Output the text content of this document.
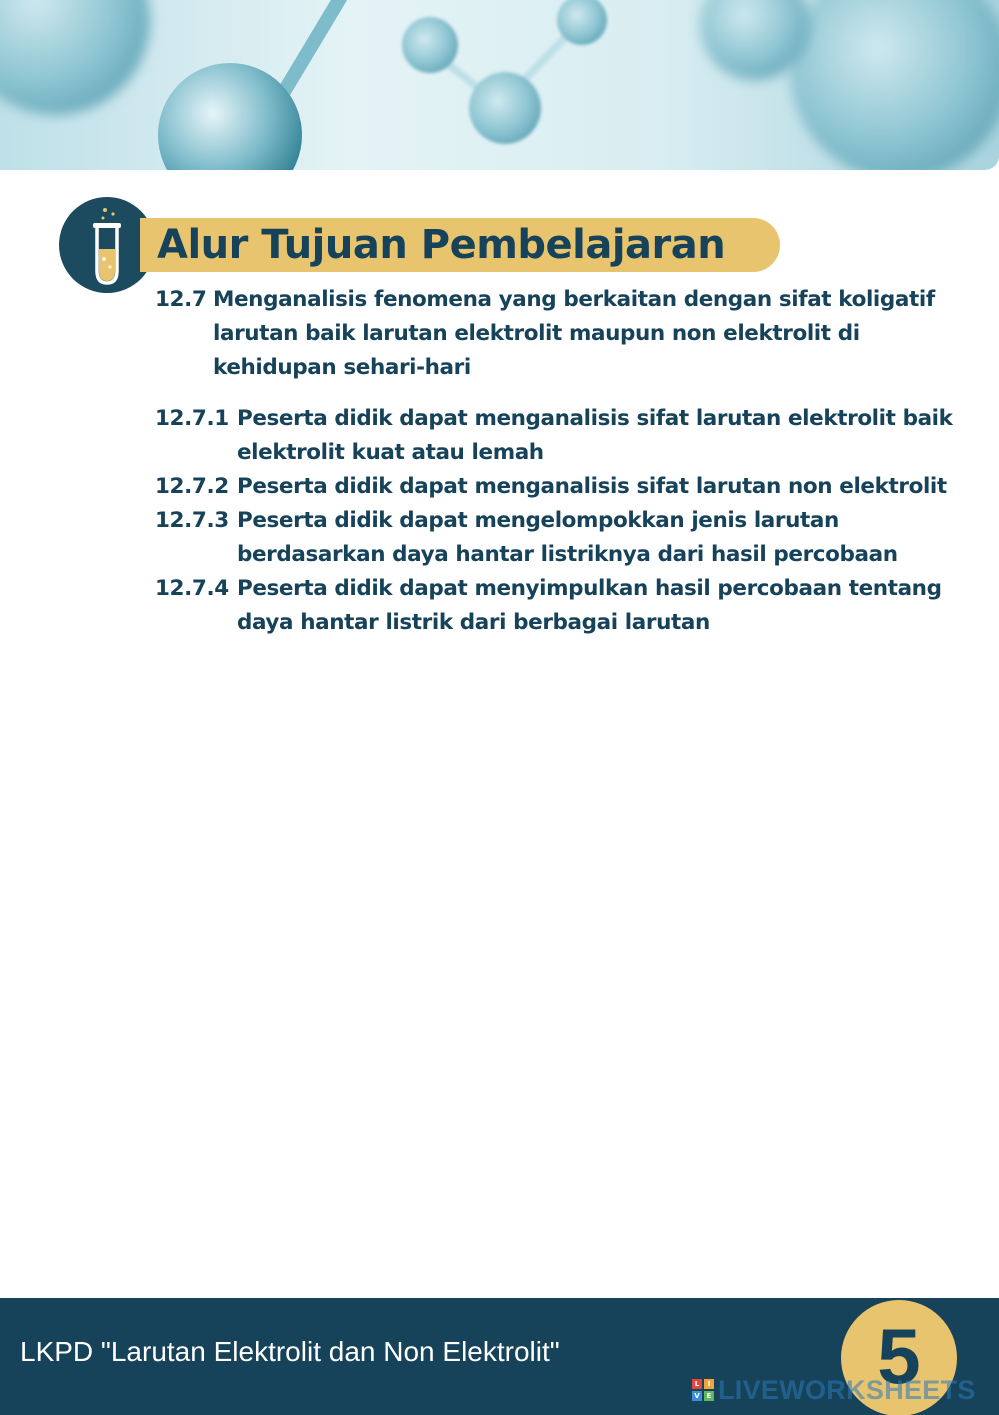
Alur Tujuan Pembelajaran
12.7 Menganalisis fenomena yang berkaitan dengan sifat koligatif larutan baik larutan elektrolit maupun non elektrolit di kehidupan sehari-hari
12.7.1 Peserta didik dapat menganalisis sifat larutan elektrolit baik elektrolit kuat atau lemah
12.7.2 Peserta didik dapat menganalisis sifat larutan non elektrolit
12.7.3 Peserta didik dapat mengelompokkan jenis larutan berdasarkan daya hantar listriknya dari hasil percobaan
12.7.4 Peserta didik dapat menyimpulkan hasil percobaan tentang daya hantar listrik dari berbagai larutan
LKPD "Larutan Elektrolit dan Non Elektrolit"	5
L	I
V E LIVEWORKSHEETS
